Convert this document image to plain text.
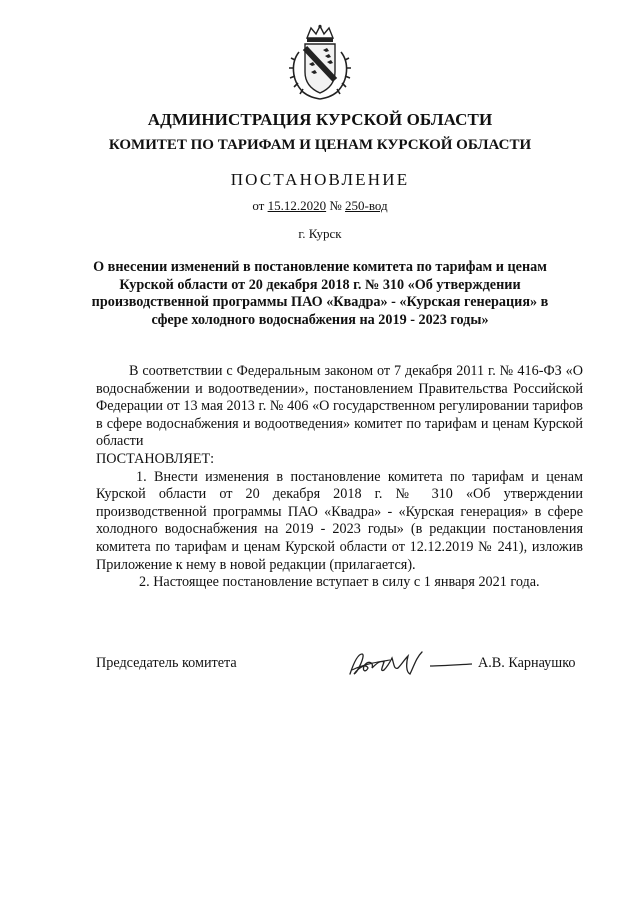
АДМИНИСТРАЦИЯ КУРСКОЙ ОБЛАСТИ
КОМИТЕТ ПО ТАРИФАМ И ЦЕНАМ КУРСКОЙ ОБЛАСТИ
ПОСТАНОВЛЕНИЕ
от 15.12.2020 № 250-вод
г. Курск
О внесении изменений в постановление комитета по тарифам и ценам Курской области от 20 декабря 2018 г. № 310 «Об утверждении производственной программы ПАО «Квадра» - «Курская генерация» в сфере холодного водоснабжения на 2019 - 2023 годы»

В соответствии с Федеральным законом от 7 декабря 2011 г. № 416-ФЗ «О водоснабжении и водоотведении», постановлением Правительства Российской Федерации от 13 мая 2013 г. № 406 «О государственном регулировании тарифов в сфере водоснабжения и водоотведения» комитет по тарифам и ценам Курской области

ПОСТАНОВЛЯЕТ:

1. Внести изменения в постановление комитета по тарифам и ценам Курской области от 20 декабря 2018 г. № 310 «Об утверждении производственной программы ПАО «Квадра» - «Курская генерация» в сфере холодного водоснабжения на 2019 - 2023 годы» (в редакции постановления комитета по тарифам и ценам Курской области от 12.12.2019 № 241), изложив Приложение к нему в новой редакции (прилагается).

2. Настоящее постановление вступает в силу с 1 января 2021 года.

Председатель комитета	А.В. Карнаушко
